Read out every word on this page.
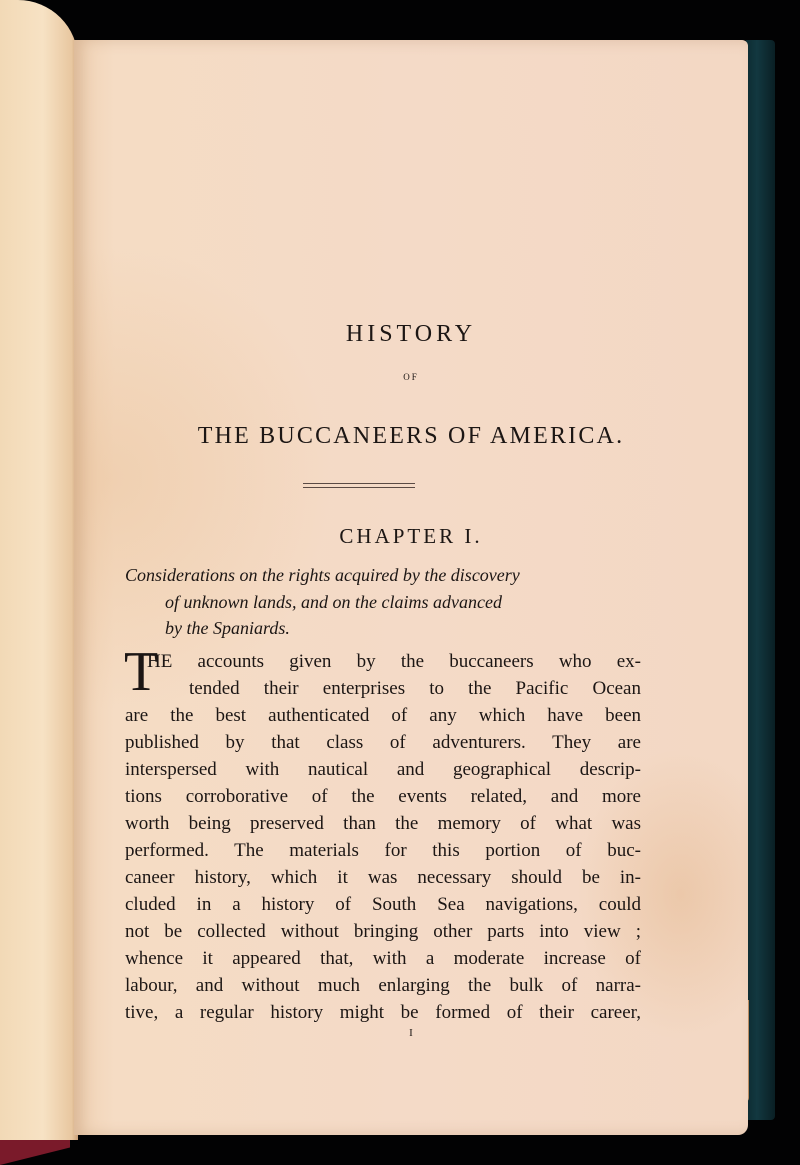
HISTORY
OF
THE BUCCANEERS OF AMERICA.
CHAPTER I.
Considerations on the rights acquired by the discovery
of unknown lands, and on the claims advanced
by the Spaniards.
T
HE accounts given by the buccaneers who ex-
tended their enterprises to the Pacific Ocean
are the best authenticated of any which have been
published by that class of adventurers. They are
interspersed with nautical and geographical descrip-
tions corroborative of the events related, and more
worth being preserved than the memory of what was
performed. The materials for this portion of buc-
caneer history, which it was necessary should be in-
cluded in a history of South Sea navigations, could
not be collected without bringing other parts into view ;
whence it appeared that, with a moderate increase of
labour, and without much enlarging the bulk of narra-
tive, a regular history might be formed of their career,
I
